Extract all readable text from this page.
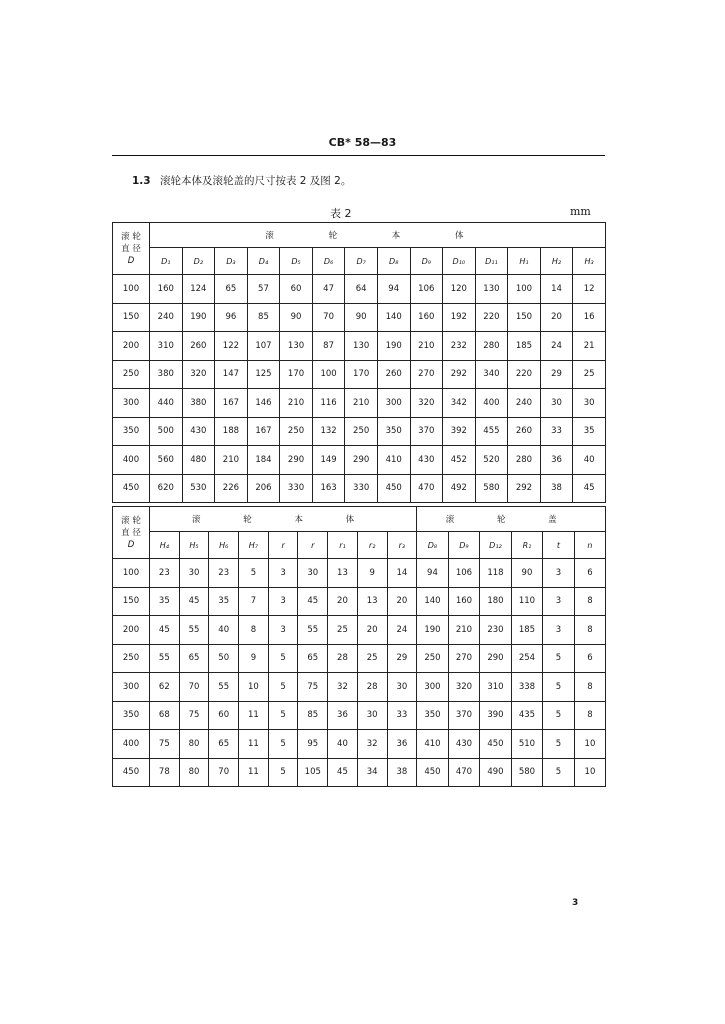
CB* 58—83
1.3 滚轮本体及滚轮盖的尺寸按表 2 及图 2。
表 2	mm
滚 轮
直 径
D	滚 轮 本 体													
	D₁	D₂	D₃	D₄	D₅	D₆	D₇	D₈	D₉	D₁₀	D₁₁	H₁	H₂	H₃
100	160	124	65	57	60	47	64	94	106	120	130	100	14	12
150	240	190	96	85	90	70	90	140	160	192	220	150	20	16
200	310	260	122	107	130	87	130	190	210	232	280	185	24	21
250	380	320	147	125	170	100	170	260	270	292	340	220	29	25
300	440	380	167	146	210	116	210	300	320	342	400	240	30	30
350	500	430	188	167	250	132	250	350	370	392	455	260	33	35
400	560	480	210	184	290	149	290	410	430	452	520	280	36	40
450	620	530	226	206	330	163	330	450	470	492	580	292	38	45
滚 轮
直 径
D	滚 轮 本 体									滚 轮 盖					
	H₄	H₅	H₆	H₇	r	r	r₁	r₂	r₃	D₈	D₉	D₁₂	R₁	t	n
100	23	30	23	5	3	30	13	9	14	94	106	118	90	3	6
150	35	45	35	7	3	45	20	13	20	140	160	180	110	3	8
200	45	55	40	8	3	55	25	20	24	190	210	230	185	3	8
250	55	65	50	9	5	65	28	25	29	250	270	290	254	5	6
300	62	70	55	10	5	75	32	28	30	300	320	310	338	5	8
350	68	75	60	11	5	85	36	30	33	350	370	390	435	5	8
400	75	80	65	11	5	95	40	32	36	410	430	450	510	5	10
450	78	80	70	11	5	105	45	34	38	450	470	490	580	5	10
3
